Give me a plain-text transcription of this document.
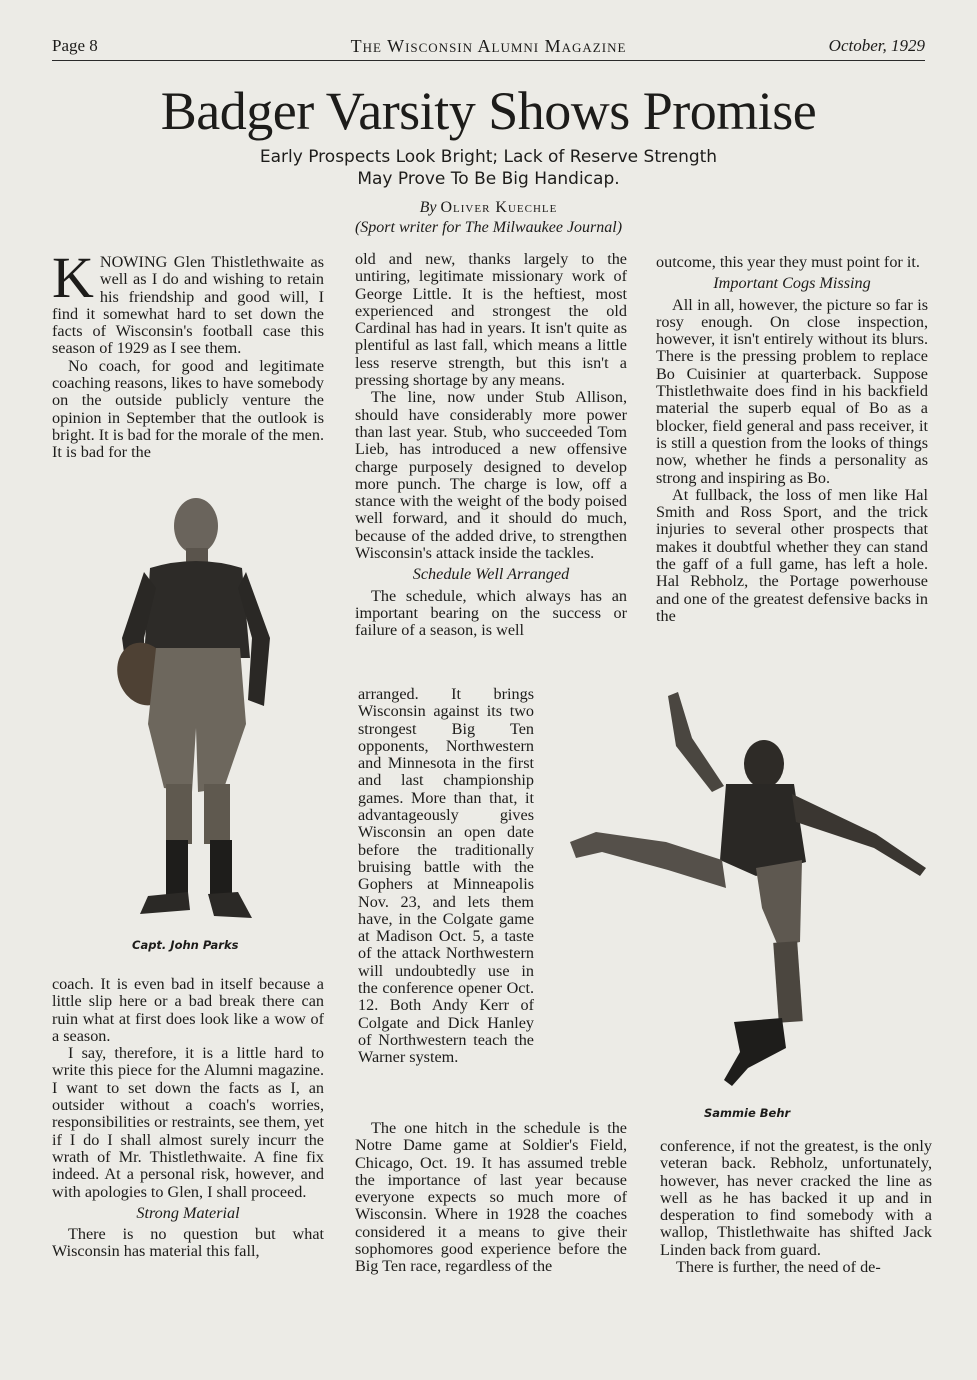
Page 8	The Wisconsin Alumni Magazine	October, 1929
Badger Varsity Shows Promise
Early Prospects Look Bright; Lack of Reserve Strength
May Prove To Be Big Handicap.
By Oliver Kuechle
(Sport writer for The Milwaukee Journal)

KNOWING Glen Thistlethwaite as well as I do and wishing to retain his friendship and good will, I find it somewhat hard to set down the facts of Wisconsin's football case this season of 1929 as I see them.

No coach, for good and legitimate coaching reasons, likes to have somebody on the outside publicly venture the opinion in September that the outlook is bright. It is bad for the morale of the men. It is bad for the

Capt. John Parks

coach. It is even bad in itself because a little slip here or a bad break there can ruin what at first does look like a wow of a season.

I say, therefore, it is a little hard to write this piece for the Alumni magazine. I want to set down the facts as I, an outsider without a coach's worries, responsibilities or restraints, see them, yet if I do I shall almost surely incurr the wrath of Mr. Thistlethwaite. A fine fix indeed. At a personal risk, however, and with apologies to Glen, I shall proceed.

Strong Material

There is no question but what Wisconsin has material this fall,

old and new, thanks largely to the untiring, legitimate missionary work of George Little. It is the heftiest, most experienced and strongest the old Cardinal has had in years. It isn't quite as plentiful as last fall, which means a little less reserve strength, but this isn't a pressing shortage by any means.

The line, now under Stub Allison, should have considerably more power than last year. Stub, who succeeded Tom Lieb, has introduced a new offensive charge purposely designed to develop more punch. The charge is low, off a stance with the weight of the body poised well forward, and it should do much, because of the added drive, to strengthen Wisconsin's attack inside the tackles.

Schedule Well Arranged

The schedule, which always has an important bearing on the success or failure of a season, is well

arranged. It brings Wisconsin against its two strongest Big Ten opponents, Northwestern and Minnesota in the first and last championship games. More than that, it advantageously gives Wisconsin an open date before the traditionally bruising battle with the Gophers at Minneapolis Nov. 23, and lets them have, in the Colgate game at Madison Oct. 5, a taste of the attack Northwestern will undoubtedly use in the conference opener Oct. 12. Both Andy Kerr of Colgate and Dick Hanley of Northwestern teach the Warner system.

The one hitch in the schedule is the Notre Dame game at Soldier's Field, Chicago, Oct. 19. It has assumed treble the importance of last year because everyone expects so much more of Wisconsin. Where in 1928 the coaches considered it a means to give their sophomores good experience before the Big Ten race, regardless of the

outcome, this year they must point for it.

Important Cogs Missing

All in all, however, the picture so far is rosy enough. On close inspection, however, it isn't entirely without its blurs. There is the pressing problem to replace Bo Cuisinier at quarterback. Suppose Thistlethwaite does find in his backfield material the superb equal of Bo as a blocker, field general and pass receiver, it is still a question from the looks of things now, whether he finds a personality as strong and inspiring as Bo.

At fullback, the loss of men like Hal Smith and Ross Sport, and the trick injuries to several other prospects that makes it doubtful whether they can stand the gaff of a full game, has left a hole. Hal Rebholz, the Portage powerhouse and one of the greatest defensive backs in the

Sammie Behr

conference, if not the greatest, is the only veteran back. Rebholz, unfortunately, however, has never cracked the line as well as he has backed it up and in desperation to find somebody with a wallop, Thistlethwaite has shifted Jack Linden back from guard.

There is further, the need of de-
